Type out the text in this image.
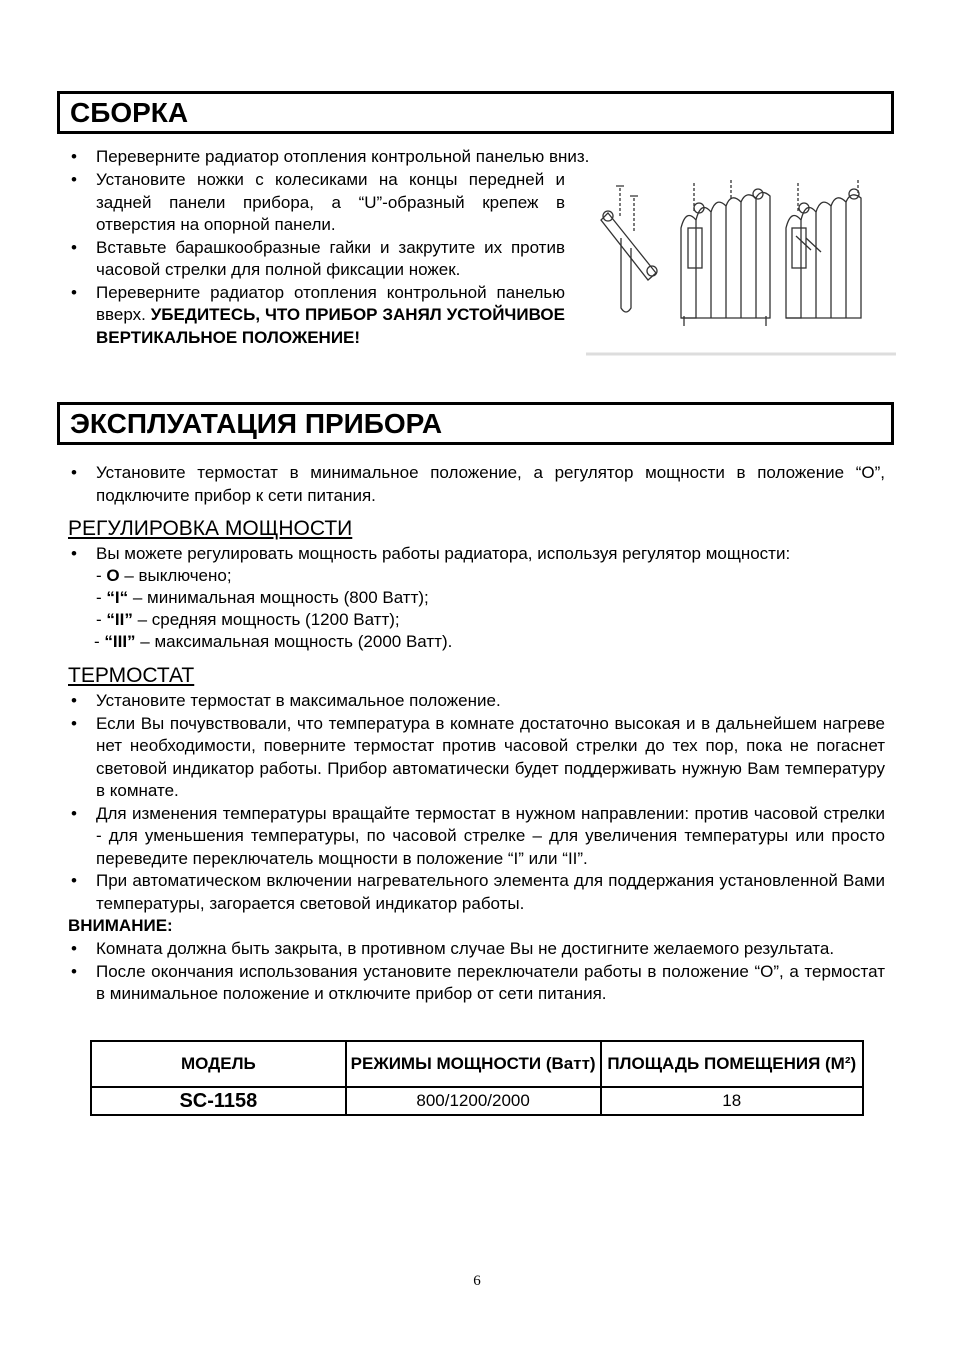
СБОРКА
• Переверните радиатор отопления контрольной панелью вниз.
• Установите ножки с колесиками на концы передней и задней панели прибора, а “U”-образный крепеж в отверстия на опорной панели.
• Вставьте барашкообразные гайки и закрутите их против часовой стрелки для полной фиксации ножек.
• Переверните радиатор отопления контрольной панелью вверх. УБЕДИТЕСЬ, ЧТО ПРИБОР ЗАНЯЛ УСТОЙЧИВОЕ ВЕРТИКАЛЬНОЕ ПОЛОЖЕНИЕ!
ЭКСПЛУАТАЦИЯ ПРИБОРА
• Установите термостат в минимальное положение, а регулятор мощности в положение “O”, подключите прибор к сети питания.
РЕГУЛИРОВКА МОЩНОСТИ
• Вы можете регулировать мощность работы радиатора, используя регулятор мощности:
- O – выключено;
- “I“ – минимальная мощность (800 Ватт);
- “II” – средняя мощность (1200 Ватт);
- “III” – максимальная мощность (2000 Ватт).
ТЕРМОСТАТ
• Установите термостат в максимальное положение.
• Если Вы почувствовали, что температура в комнате достаточно высокая и в дальнейшем нагреве нет необходимости, поверните термостат против часовой стрелки до тех пор, пока не погаснет световой индикатор работы. Прибор автоматически будет поддерживать нужную Вам температуру в комнате.
• Для изменения температуры вращайте термостат в нужном направлении: против часовой стрелки - для уменьшения температуры, по часовой стрелке – для увеличения температуры или просто переведите переключатель мощности в положение “I” или “II”.
• При автоматическом включении нагревательного элемента для поддержания установленной Вами температуры, загорается световой индикатор работы.
ВНИМАНИЕ:
• Комната должна быть закрыта, в противном случае Вы не достигните желаемого результата.
• После окончания использования установите переключатели работы в положение “O”, а термостат в минимальное положение и отключите прибор от сети питания.
МОДЕЛЬ	РЕЖИМЫ МОЩНОСТИ (Ватт)	ПЛОЩАДЬ ПОМЕЩЕНИЯ (М²)
SC-1158	800/1200/2000	18
6
